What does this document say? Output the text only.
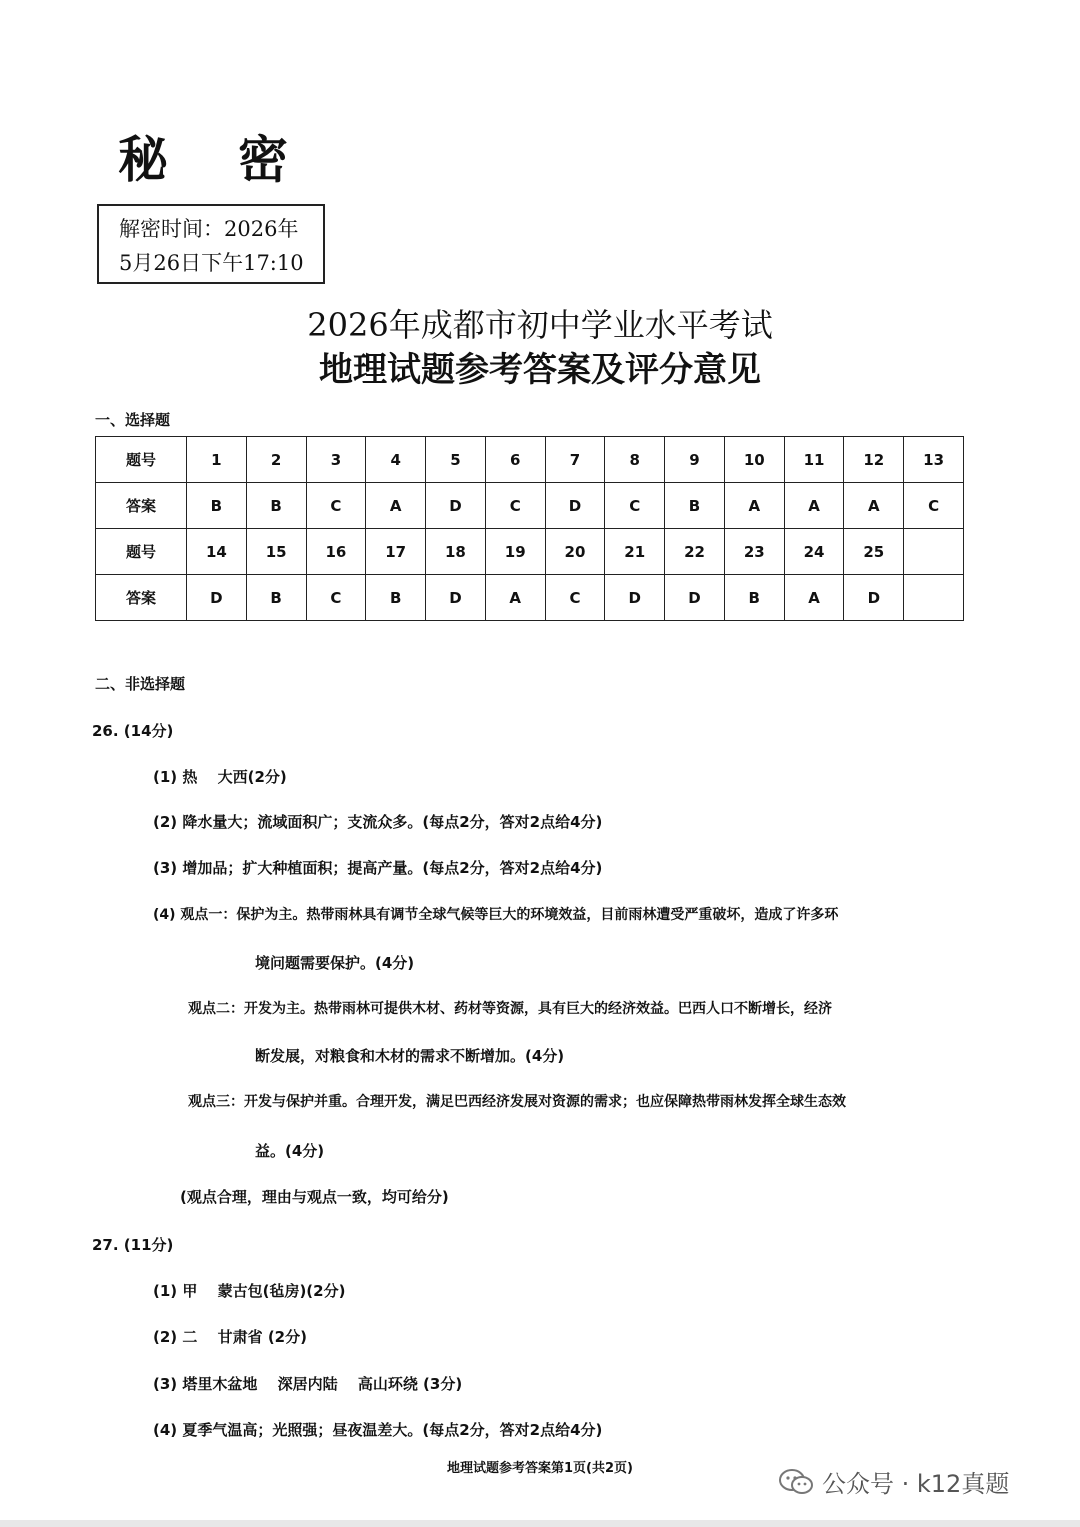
秘密
解密时间：2026年
5月26日下午17:10
2026年成都市初中学业水平考试
地理试题参考答案及评分意见
一、选择题
题号	1	2	3	4	5	6	7	8	9	10	11	12	13
答案	B	B	C	A	D	C	D	C	B	A	A	A	C
题号	14	15	16	17	18	19	20	21	22	23	24	25	
答案	D	B	C	B	D	A	C	D	D	B	A	D	
二、非选择题
26. (14分)
(1) 热　 大西(2分)
(2) 降水量大；流域面积广；支流众多。(每点2分，答对2点给4分)
(3) 增加品；扩大种植面积；提高产量。(每点2分，答对2点给4分)
(4) 观点一：保护为主。热带雨林具有调节全球气候等巨大的环境效益，目前雨林遭受严重破坏，造成了许多环
境问题需要保护。(4分)
观点二：开发为主。热带雨林可提供木材、药材等资源，具有巨大的经济效益。巴西人口不断增长，经济
断发展，对粮食和木材的需求不断增加。(4分)
观点三：开发与保护并重。合理开发，满足巴西经济发展对资源的需求；也应保障热带雨林发挥全球生态效
益。(4分)
(观点合理，理由与观点一致，均可给分)
27. (11分)
(1) 甲　 蒙古包(毡房)(2分)
(2) 二　 甘肃省 (2分)
(3) 塔里木盆地　 深居内陆　 高山环绕 (3分)
(4) 夏季气温高；光照强；昼夜温差大。(每点2分，答对2点给4分)
地理试题参考答案第1页(共2页)
公众号 · k12真题
